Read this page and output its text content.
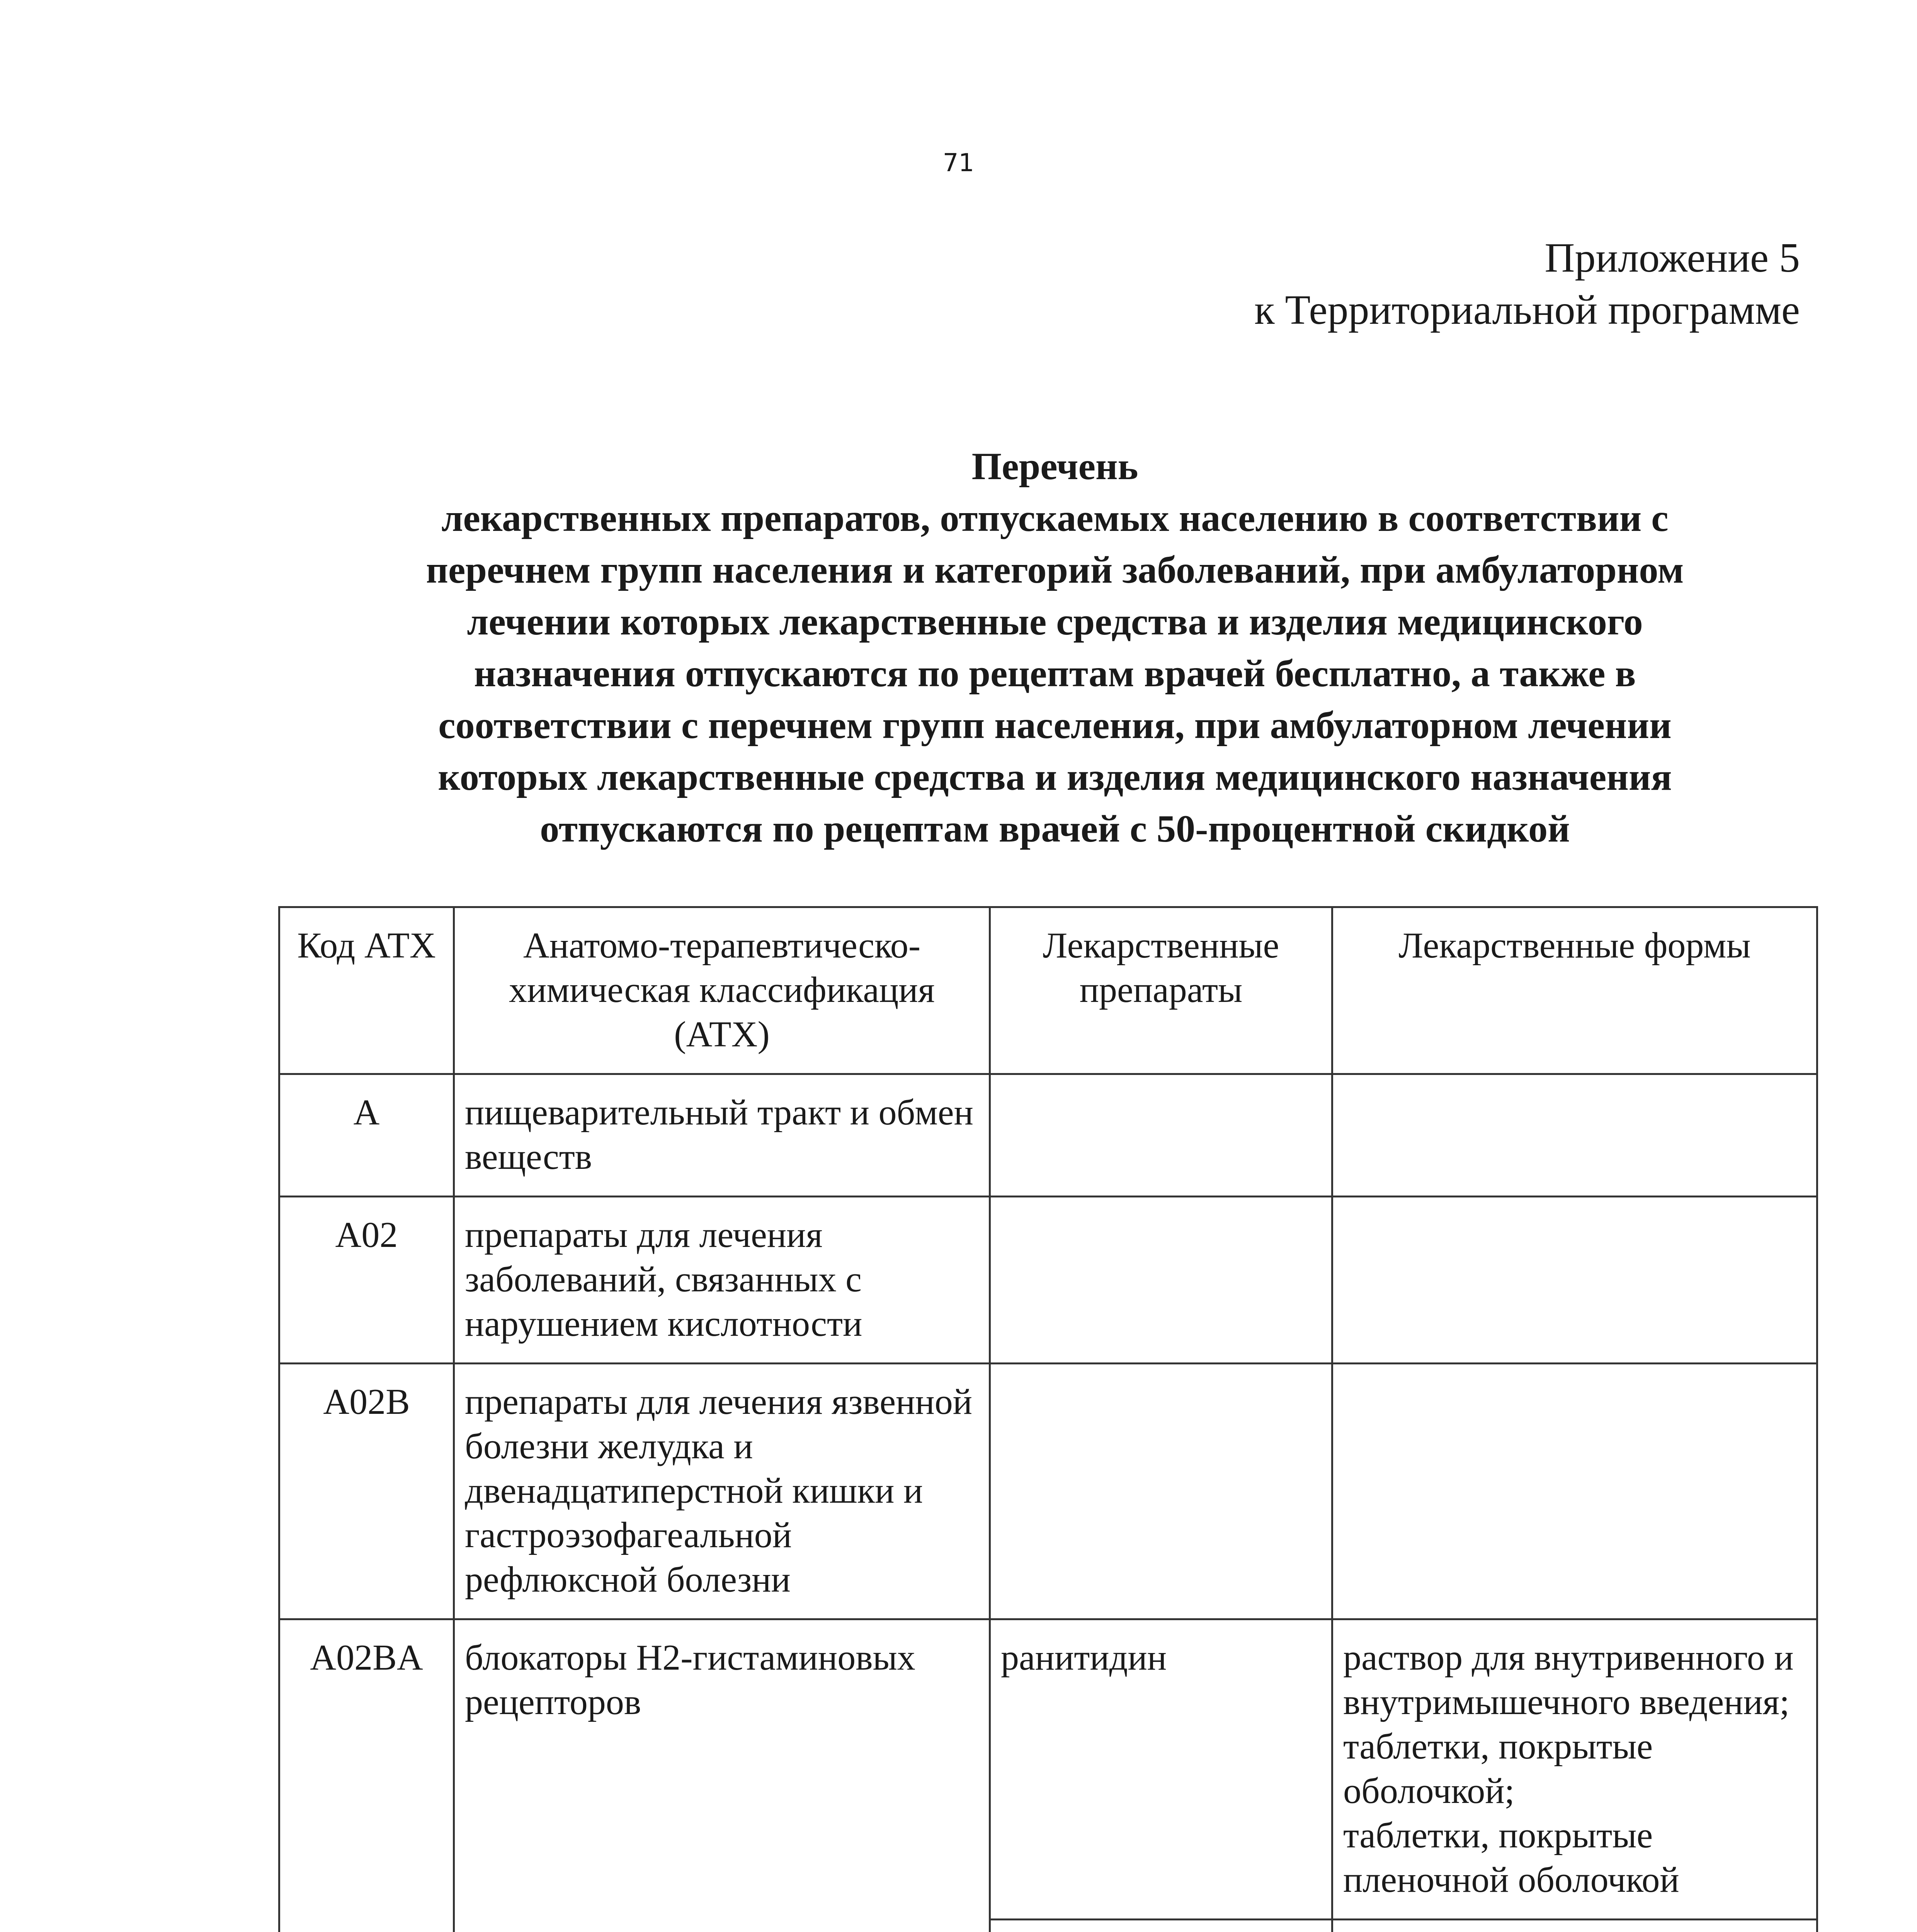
71
Приложение 5
к Территориальной программе
Перечень
лекарственных препаратов, отпускаемых населению в соответствии с
перечнем групп населения и категорий заболеваний, при амбулаторном
лечении которых лекарственные средства и изделия медицинского
назначения отпускаются по рецептам врачей бесплатно, а также в
соответствии с перечнем групп населения, при амбулаторном лечении
которых лекарственные средства и изделия медицинского назначения
отпускаются по рецептам врачей с 50-процентной скидкой
Код АТХ	Анатомо-терапевтическо-химическая классификация (АТХ)	Лекарственные препараты	Лекарственные формы
A	пищеварительный тракт и обмен веществ		
A02	препараты для лечения заболеваний, связанных с нарушением кислотности		
A02B	препараты для лечения язвенной болезни желудка и двенадцатиперстной кишки и гастроэзофагеальной рефлюксной болезни		
A02BA	блокаторы H2-гистаминовых рецепторов	ранитидин	раствор для внутривенного и внутримышечного введения;
таблетки, покрытые оболочкой;
таблетки, покрытые пленочной оболочкой
